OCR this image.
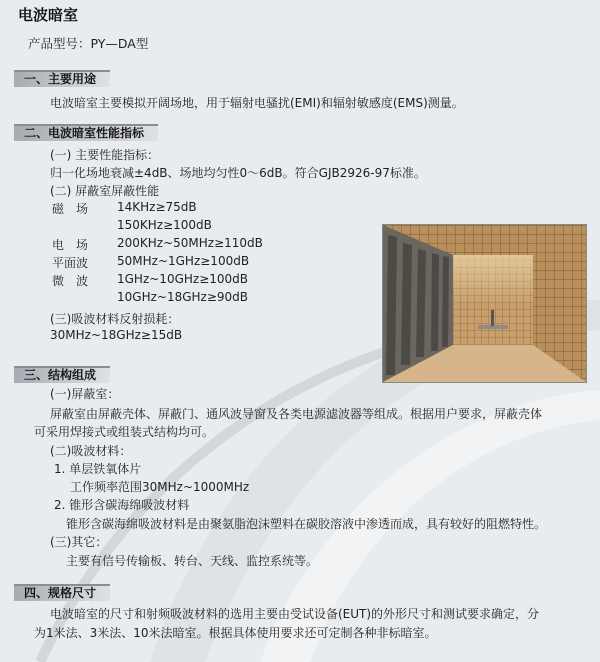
电波暗室
产品型号：PY—DA型
一、主要用途
电波暗室主要模拟开阔场地，用于辐射电骚扰(EMI)和辐射敏感度(EMS)测量。
二、电波暗室性能指标
(一) 主要性能指标：
归一化场地衰减±4dB、场地均匀性0～6dB。符合GJB2926-97标准。
(二) 屏蔽室屏蔽性能
磁　场 14KHz≥75dB
150KHz≥100dB
电　场 200KHz~50MHz≥110dB
平面波 50MHz~1GHz≥100dB
微　波 1GHz~10GHz≥100dB
10GHz~18GHz≥90dB
(三)吸波材料反射损耗：
30MHz~18GHz≥15dB
三、结构组成
(一)屏蔽室：
屏蔽室由屏蔽壳体、屏蔽门、通风波导窗及各类电源滤波器等组成。根据用户要求，屏蔽壳体
可采用焊接式或组装式结构均可。
(二)吸波材料：
1. 单层铁氧体片
工作频率范围30MHz~1000MHz
2. 锥形含碳海绵吸波材料
锥形含碳海绵吸波材料是由聚氨脂泡沫塑料在碳胶溶液中渗透而成，具有较好的阻燃特性。
(三)其它：
主要有信号传输板、转台、天线、监控系统等。
四、规格尺寸
电波暗室的尺寸和射频吸波材料的选用主要由受试设备(EUT)的外形尺寸和测试要求确定，分
为1米法、3米法、10米法暗室。根据具体使用要求还可定制各种非标暗室。
